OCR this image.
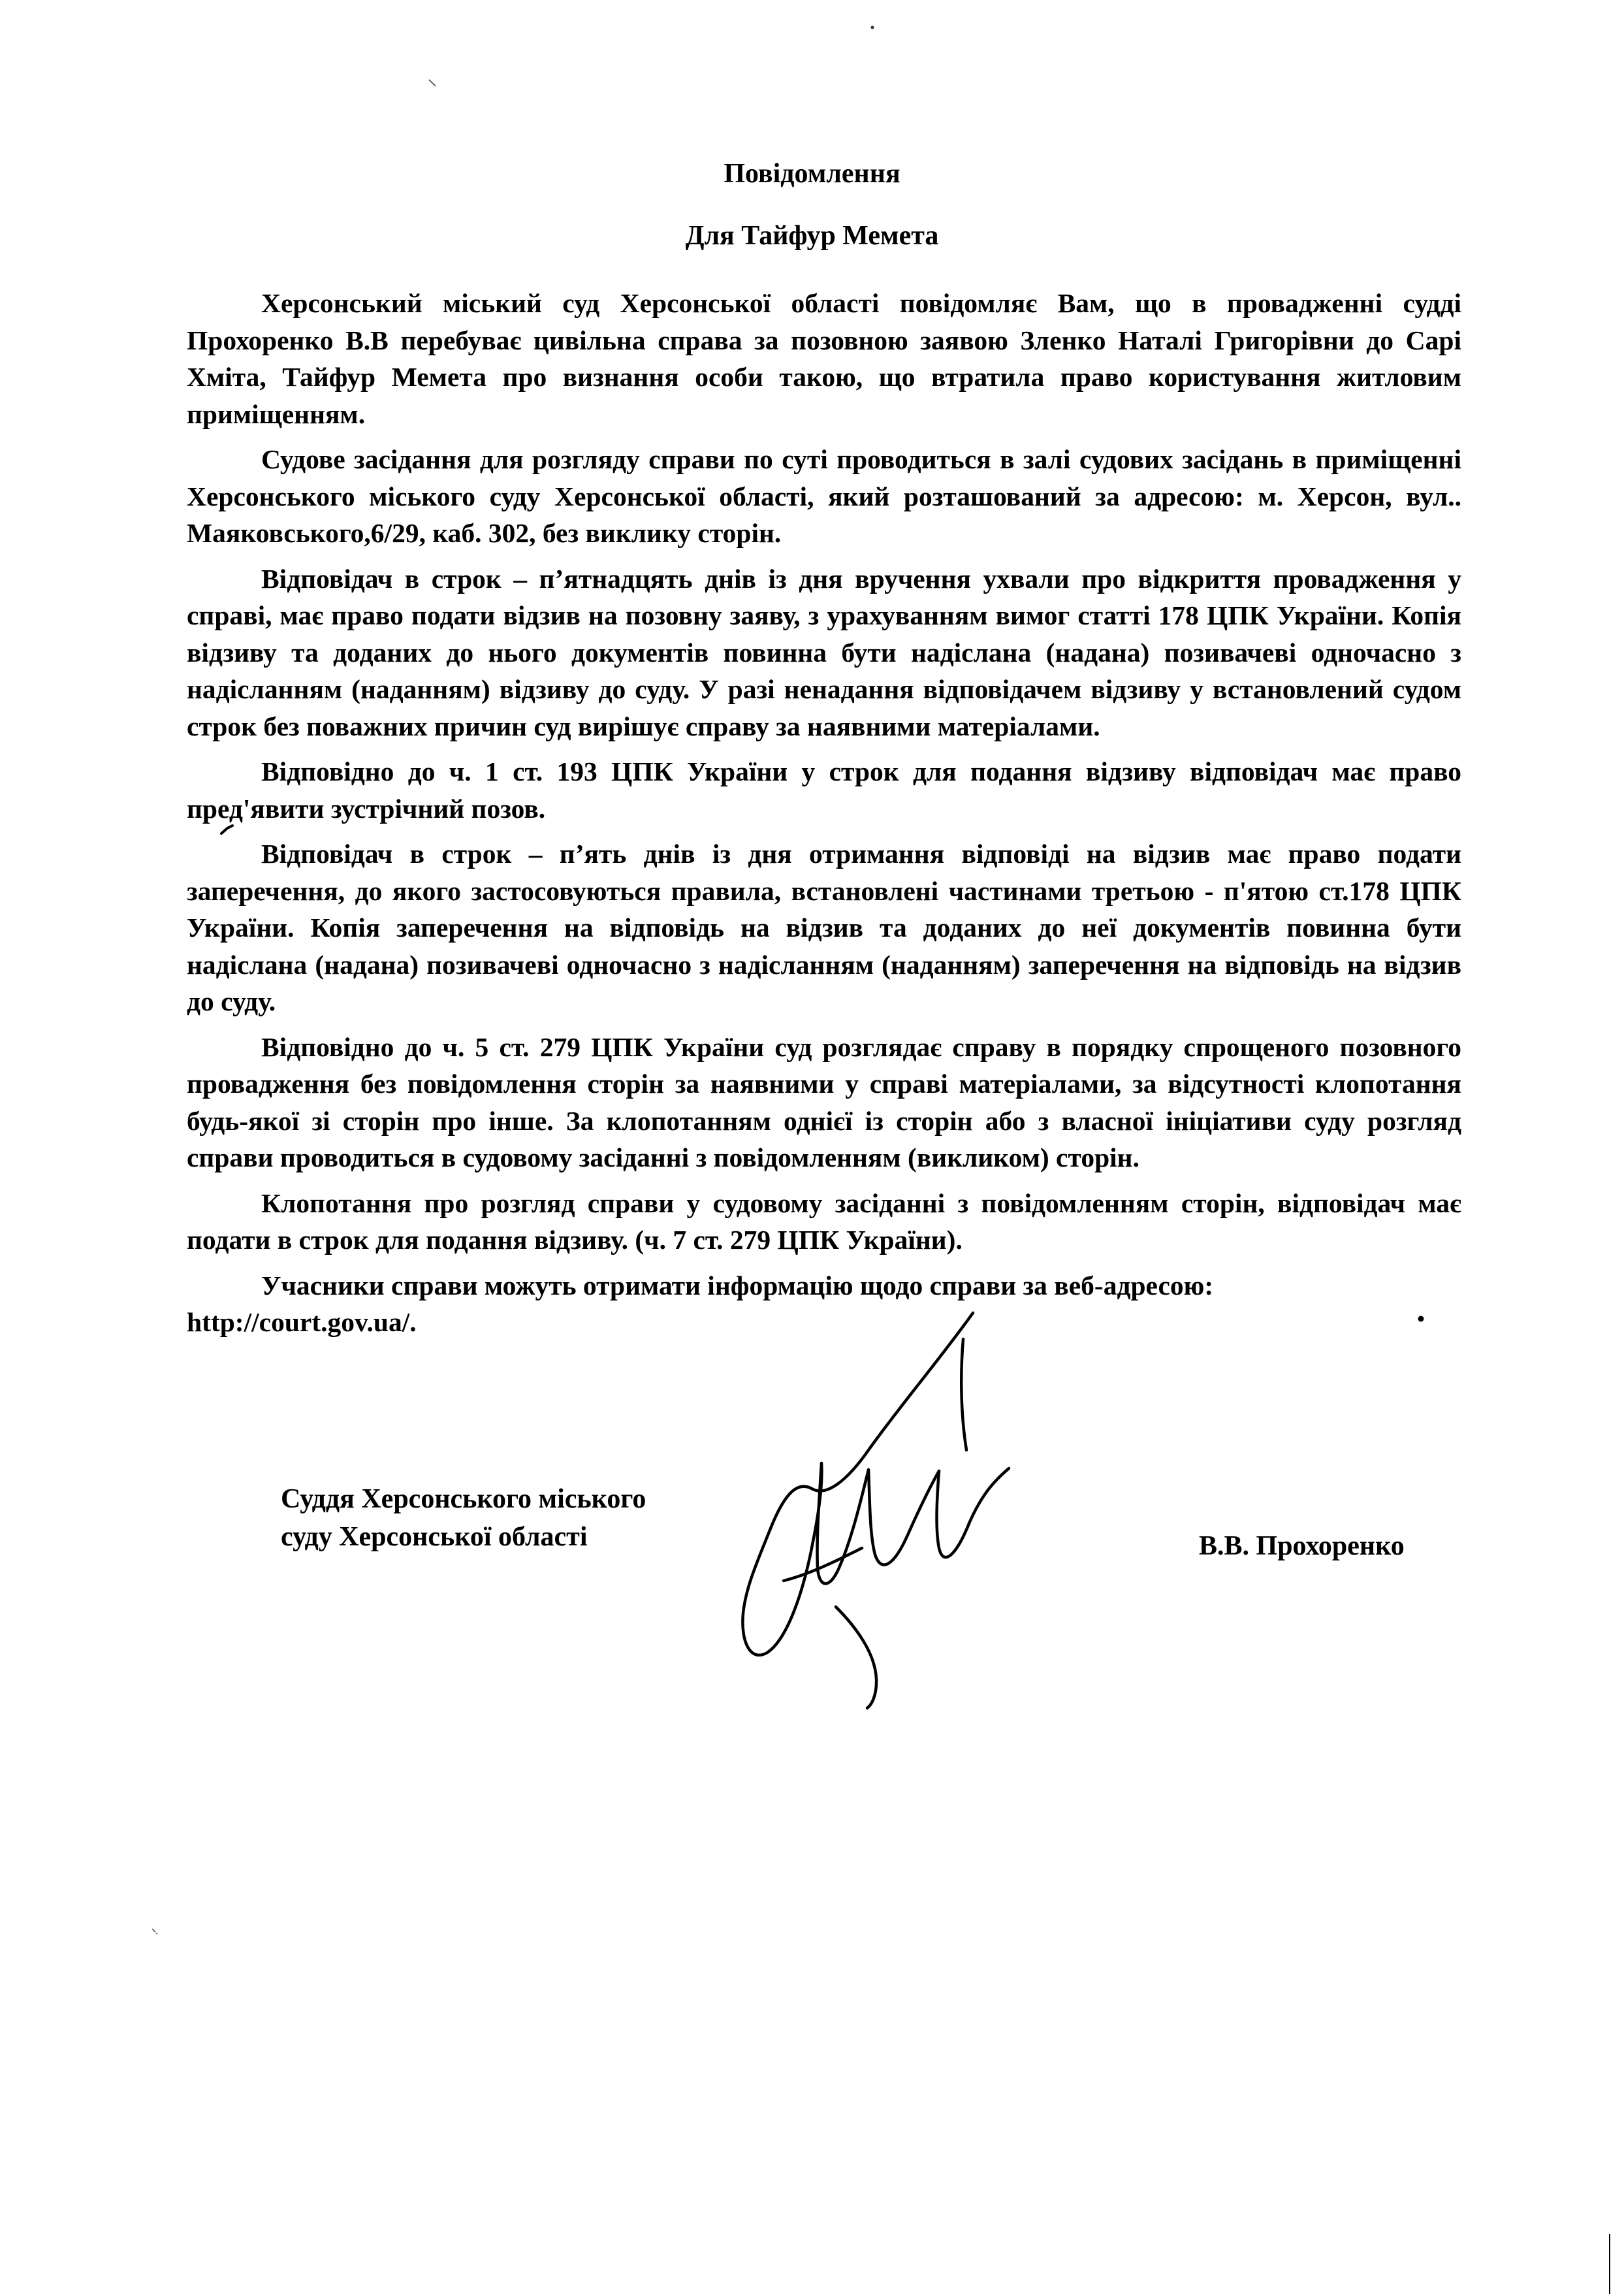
Повідомлення
Для Тайфур Мемета

Херсонський міський суд Херсонської області повідомляє Вам, що в провадженні судді Прохоренко В.В перебуває цивільна справа за позовною заявою Зленко Наталі Григорівни до Сарі Хміта, Тайфур Мемета про визнання особи такою, що втратила право користування житловим приміщенням.

Судове засідання для розгляду справи по суті проводиться в залі судових засідань в приміщенні Херсонського міського суду Херсонської області, який розташований за адресою: м. Херсон, вул.. Маяковського,6/29, каб. 302, без виклику сторін.

Відповідач в строк – п’ятнадцять днів із дня вручення ухвали про відкриття провадження у справі, має право подати відзив на позовну заяву, з урахуванням вимог статті 178 ЦПК України. Копія відзиву та доданих до нього документів повинна бути надіслана (надана) позивачеві одночасно з надісланням (наданням) відзиву до суду. У разі ненадання відповідачем відзиву у встановлений судом строк без поважних причин суд вирішує справу за наявними матеріалами.

Відповідно до ч. 1 ст. 193 ЦПК України у строк для подання відзиву відповідач має право пред'явити зустрічний позов.

Відповідач в строк – п’ять днів із дня отримання відповіді на відзив має право подати заперечення, до якого застосовуються правила, встановлені частинами третьою - п'ятою ст.178 ЦПК України. Копія заперечення на відповідь на відзив та доданих до неї документів повинна бути надіслана (надана) позивачеві одночасно з надісланням (наданням) заперечення на відповідь на відзив до суду.

Відповідно до ч. 5 ст. 279 ЦПК України суд розглядає справу в порядку спрощеного позовного провадження без повідомлення сторін за наявними у справі матеріалами, за відсутності клопотання будь-якої зі сторін про інше. За клопотанням однієї із сторін або з власної ініціативи суду розгляд справи проводиться в судовому засіданні з повідомленням (викликом) сторін.

Клопотання про розгляд справи у судовому засіданні з повідомленням сторін, відповідач має подати в строк для подання відзиву. (ч. 7 ст. 279 ЦПК України).

Учасники справи можуть отримати інформацію щодо справи за веб-адресою:
http://court.gov.ua/.

Суддя Херсонського міського
суду Херсонської області	В.В. Прохоренко
